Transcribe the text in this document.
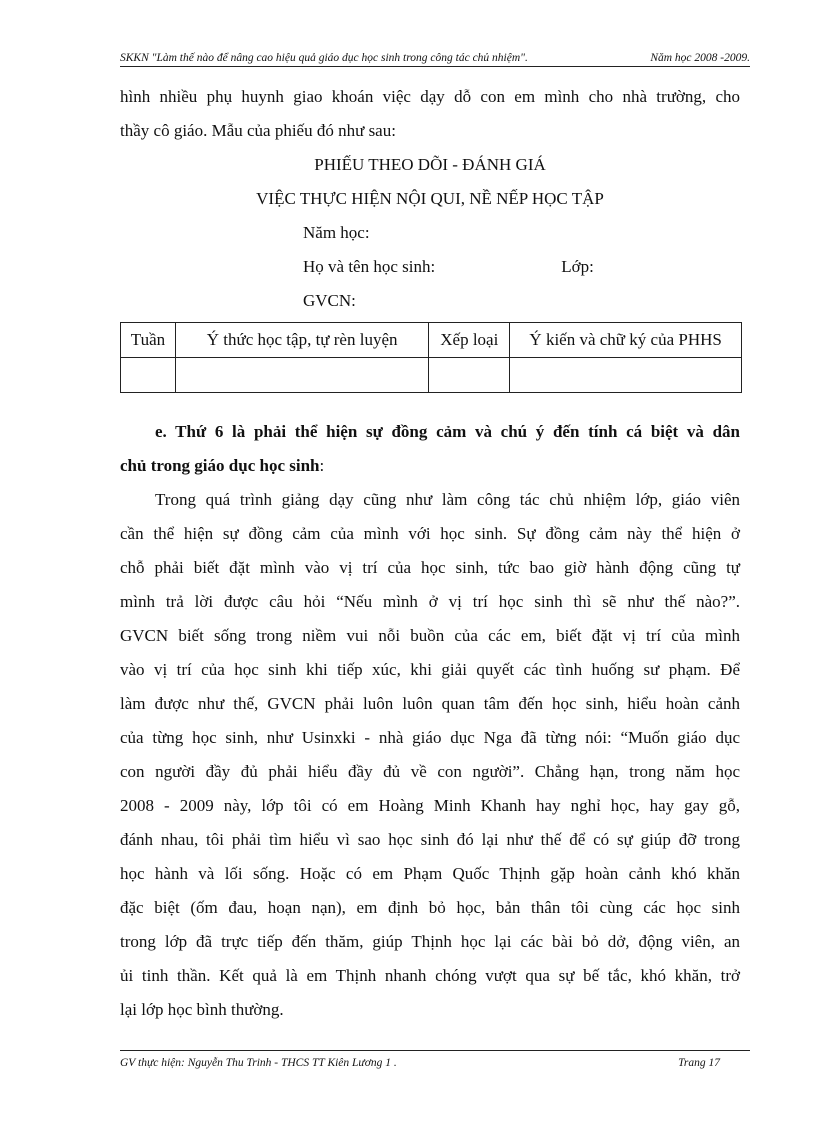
SKKN "Làm thế nào để nâng cao hiệu quả giáo dục học sinh trong công tác chủ nhiệm".	Năm học 2008 -2009.
hình nhiều phụ huynh giao khoán việc dạy dỗ con em mình cho nhà trường, cho
thầy cô giáo. Mẫu của phiếu đó như sau:
PHIẾU THEO DÕI - ĐÁNH GIÁ
VIỆC THỰC HIỆN NỘI QUI, NỀ NẾP HỌC TẬP
Năm học:
Họ và tên học sinh:	Lớp:
GVCN:
Tuần	Ý thức học tập, tự rèn luyện	Xếp loại	Ý kiến và chữ ký của PHHS

e. Thứ 6 là phải thể hiện sự đồng cảm và chú ý đến tính cá biệt và dân
chủ trong giáo dục học sinh:
Trong quá trình giảng dạy cũng như làm công tác chủ nhiệm lớp, giáo viên
cần thể hiện sự đồng cảm của mình với học sinh. Sự đồng cảm này thể hiện ở
chỗ phải biết đặt mình vào vị trí của học sinh, tức bao giờ hành động cũng tự
mình trả lời được câu hỏi “Nếu mình ở vị trí học sinh thì sẽ như thế nào?”.
GVCN biết sống trong niềm vui nỗi buồn của các em, biết đặt vị trí của mình
vào vị trí của học sinh khi tiếp xúc, khi giải quyết các tình huống sư phạm. Để
làm được như thế, GVCN phải luôn luôn quan tâm đến học sinh, hiểu hoàn cảnh
của từng học sinh, như Usinxki - nhà giáo dục Nga đã từng nói: “Muốn giáo dục
con người đầy đủ phải hiểu đầy đủ về con người”. Chẳng hạn, trong năm học
2008 - 2009 này, lớp tôi có em Hoàng Minh Khanh hay nghỉ học, hay gay gỗ,
đánh nhau, tôi phải tìm hiểu vì sao học sinh đó lại như thế để có sự giúp đỡ trong
học hành và lối sống. Hoặc có em Phạm Quốc Thịnh gặp hoàn cảnh khó khăn
đặc biệt (ốm đau, hoạn nạn), em định bỏ học, bản thân tôi cùng các học sinh
trong lớp đã trực tiếp đến thăm, giúp Thịnh học lại các bài bỏ dở, động viên, an
ủi tinh thần. Kết quả là em Thịnh nhanh chóng vượt qua sự bế tắc, khó khăn, trở
lại lớp học bình thường.
GV thực hiện: Nguyễn Thu Trinh - THCS TT Kiên Lương 1 .	Trang 17
